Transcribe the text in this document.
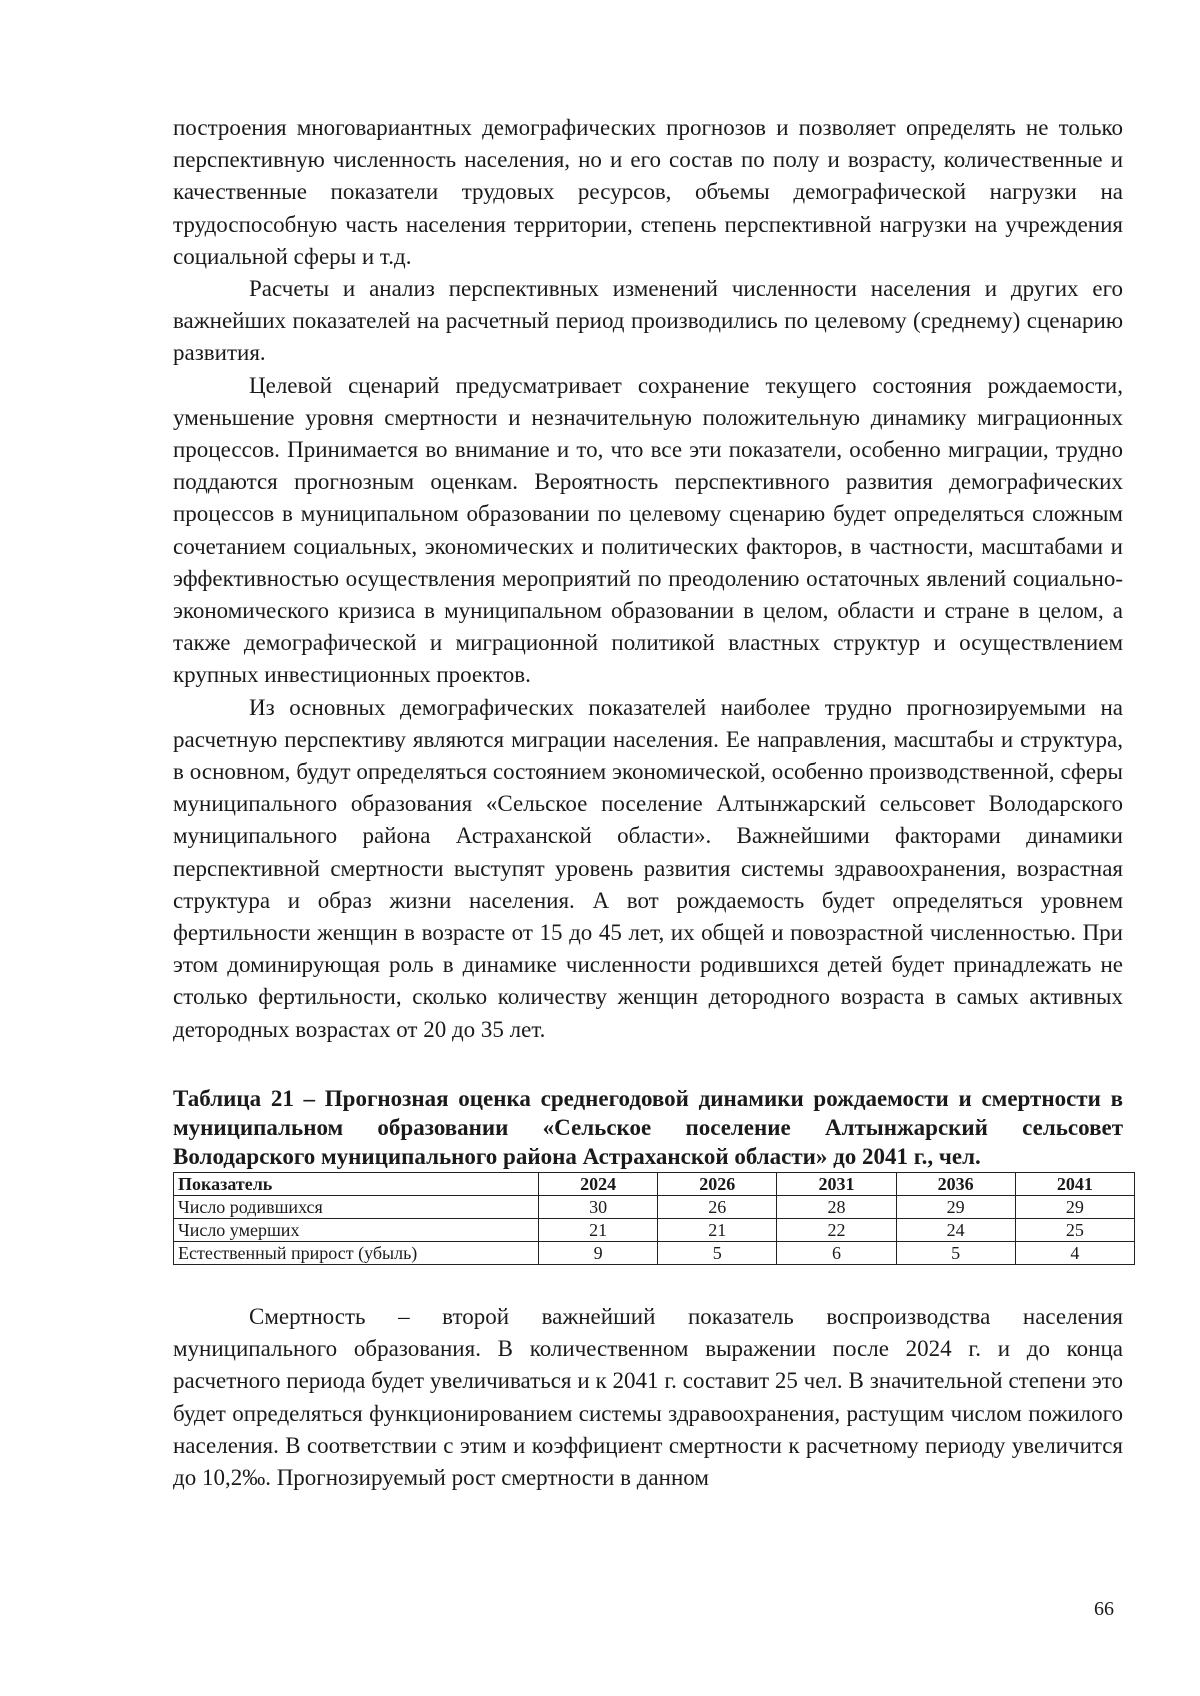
построения многовариантных демографических прогнозов и позволяет определять не только перспективную численность населения, но и его состав по полу и возрасту, количественные и качественные показатели трудовых ресурсов, объемы демографической нагрузки на трудоспособную часть населения территории, степень перспективной нагрузки на учреждения социальной сферы и т.д.

Расчеты и анализ перспективных изменений численности населения и других его важнейших показателей на расчетный период производились по целевому (среднему) сценарию развития.

Целевой сценарий предусматривает сохранение текущего состояния рождаемости, уменьшение уровня смертности и незначительную положительную динамику миграционных процессов. Принимается во внимание и то, что все эти показатели, особенно миграции, трудно поддаются прогнозным оценкам. Вероятность перспективного развития демографических процессов в муниципальном образовании по целевому сценарию будет определяться сложным сочетанием социальных, экономических и политических факторов, в частности, масштабами и эффективностью осуществления мероприятий по преодолению остаточных явлений социально-экономического кризиса в муниципальном образовании в целом, области и стране в целом, а также демографической и миграционной политикой властных структур и осуществлением крупных инвестиционных проектов.

Из основных демографических показателей наиболее трудно прогнозируемыми на расчетную перспективу являются миграции населения. Ее направления, масштабы и структура, в основном, будут определяться состоянием экономической, особенно производственной, сферы муниципального образования «Сельское поселение Алтынжарский сельсовет Володарского муниципального района Астраханской области». Важнейшими факторами динамики перспективной смертности выступят уровень развития системы здравоохранения, возрастная структура и образ жизни населения. А вот рождаемость будет определяться уровнем фертильности женщин в возрасте от 15 до 45 лет, их общей и повозрастной численностью. При этом доминирующая роль в динамике численности родившихся детей будет принадлежать не столько фертильности, сколько количеству женщин детородного возраста в самых активных детородных возрастах от 20 до 35 лет.

Таблица 21 – Прогнозная оценка среднегодовой динамики рождаемости и смертности в муниципальном образовании «Сельское поселение Алтынжарский сельсовет Володарского муниципального района Астраханской области» до 2041 г., чел.

Показатель	2024	2026	2031	2036	2041
Число родившихся	30	26	28	29	29
Число умерших	21	21	22	24	25
Естественный прирост (убыль)	9	5	6	5	4

Смертность – второй важнейший показатель воспроизводства населения муниципального образования. В количественном выражении после 2024 г. и до конца расчетного периода будет увеличиваться и к 2041 г. составит 25 чел. В значительной степени это будет определяться функционированием системы здравоохранения, растущим числом пожилого населения. В соответствии с этим и коэффициент смертности к расчетному периоду увеличится до 10,2‰. Прогнозируемый рост смертности в данном

66
